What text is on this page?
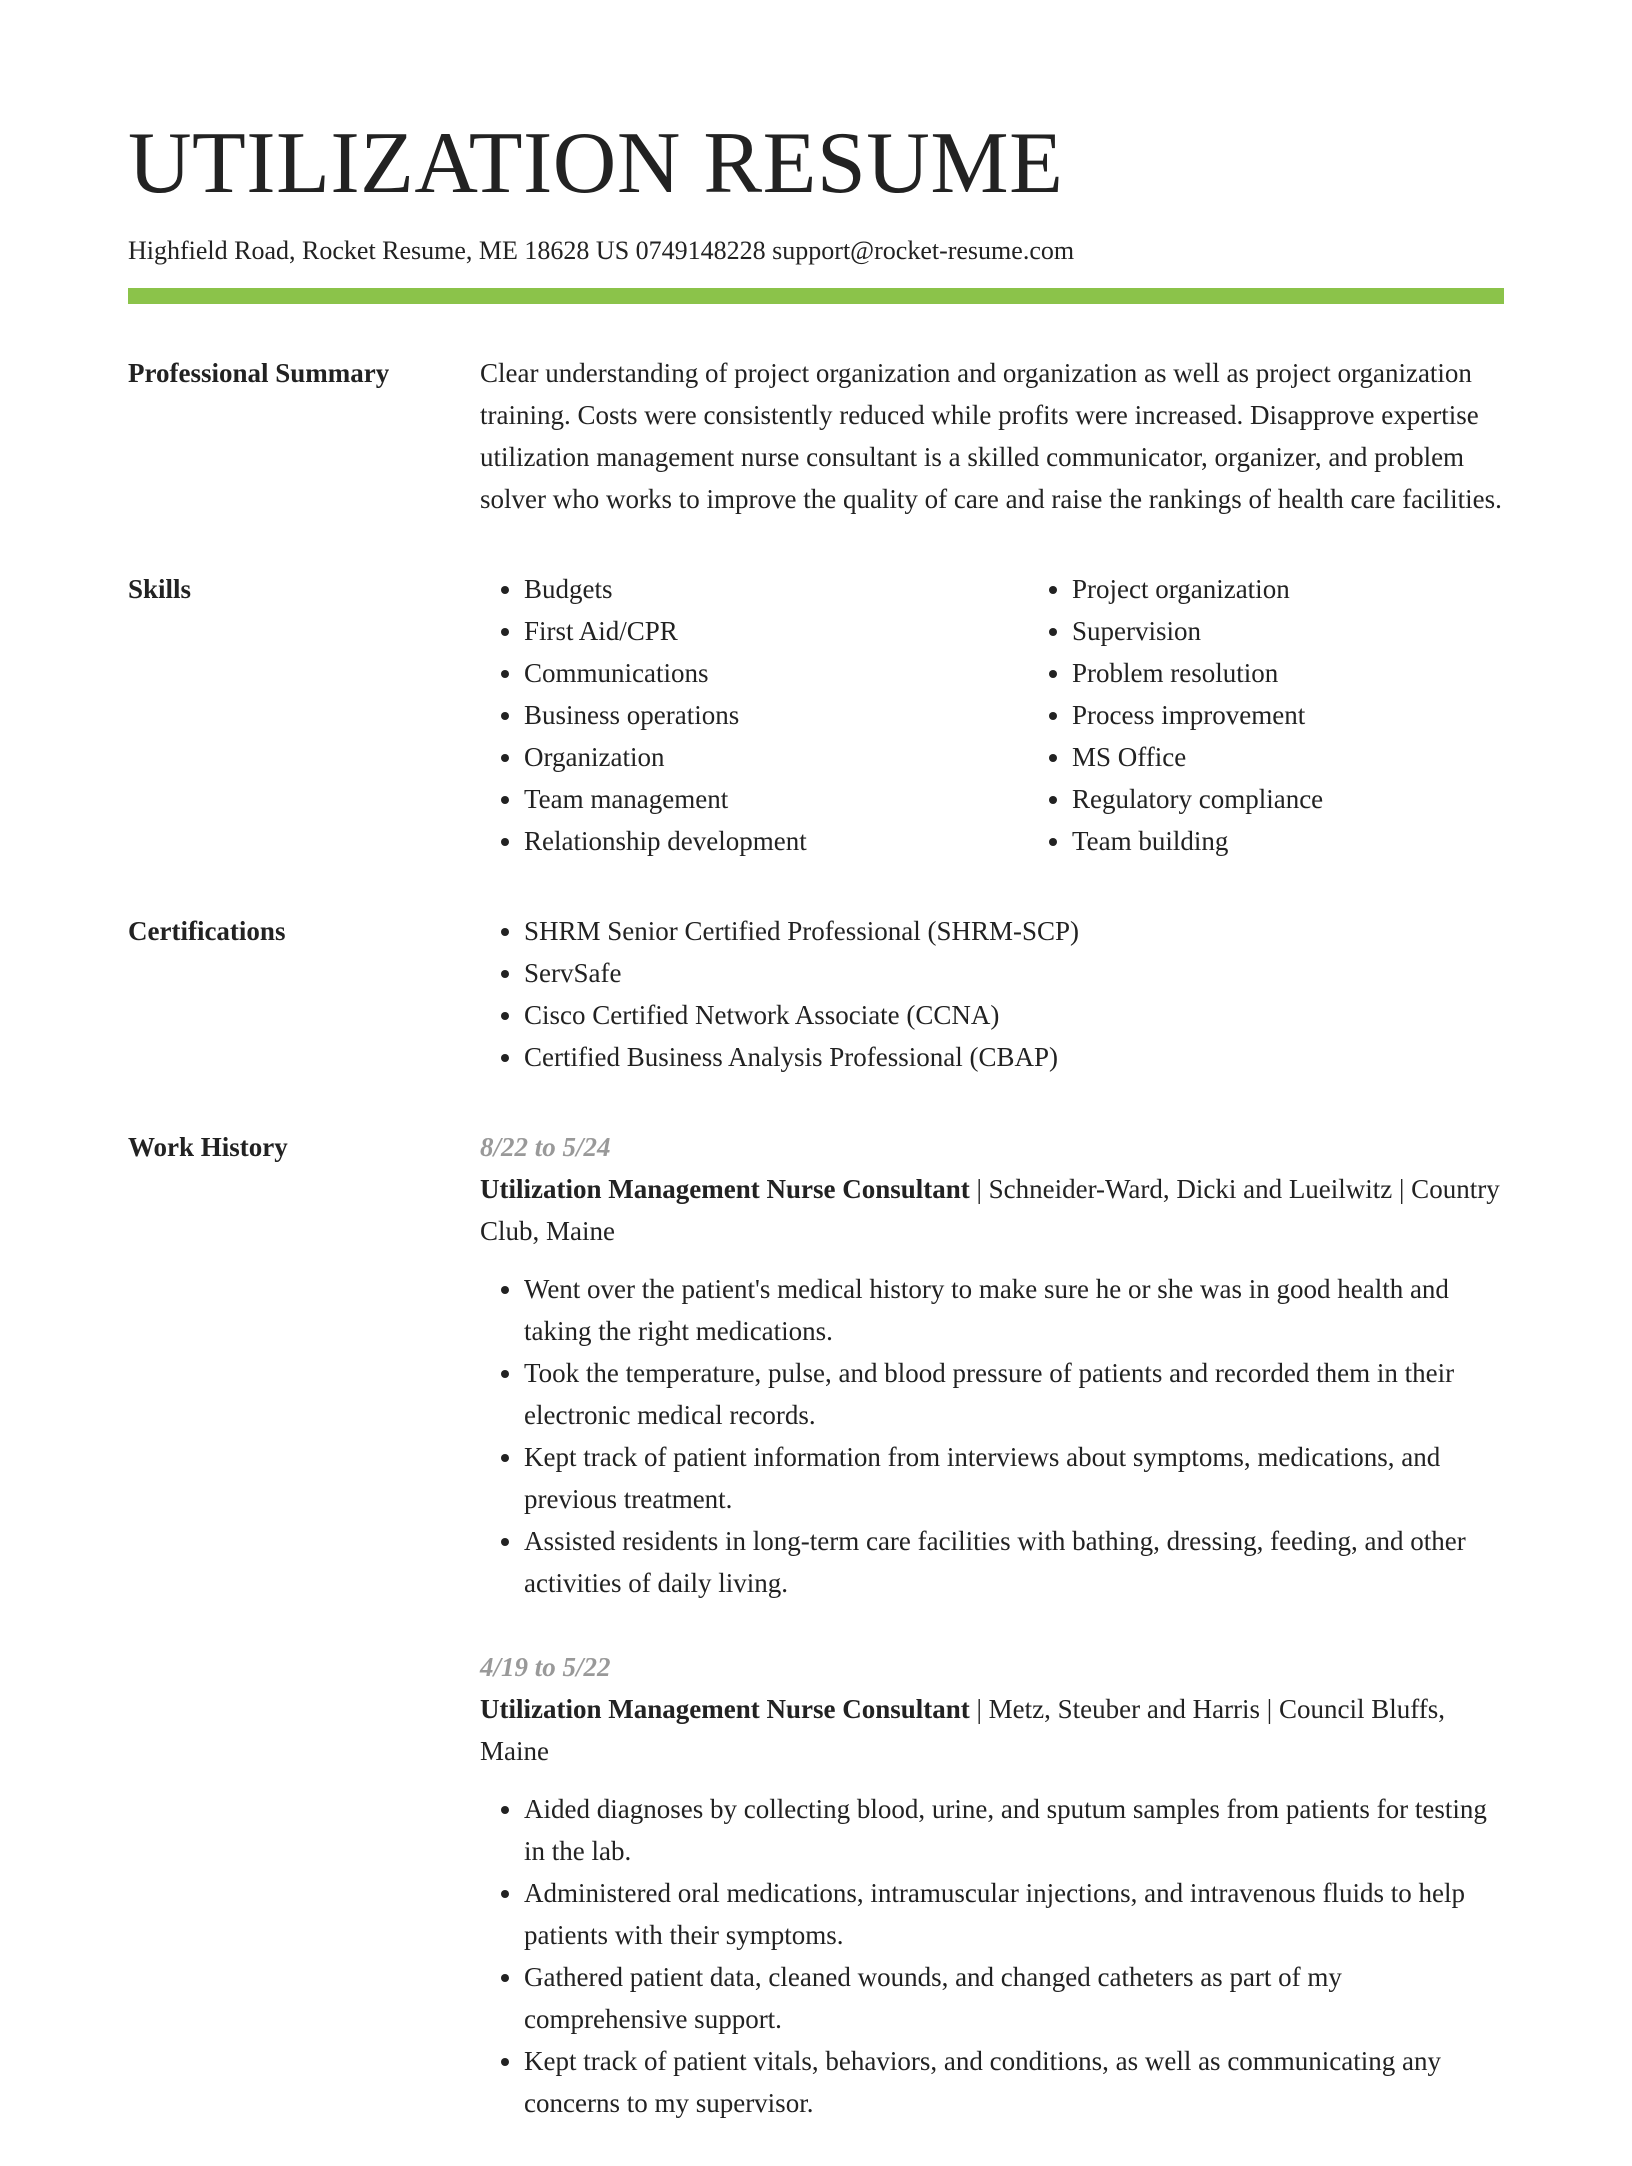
UTILIZATION RESUME
Highfield Road, Rocket Resume, ME 18628 US 0749148228 support@rocket-resume.com
Professional Summary	Clear understanding of project organization and organization as well as project organization training. Costs were consistently reduced while profits were increased. Disapprove expertise utilization management nurse consultant is a skilled communicator, organizer, and problem solver who works to improve the quality of care and raise the rankings of health care facilities.

Skills	• Budgets
• First Aid/CPR
• Communications
• Business operations
• Organization
• Team management
• Relationship development
• Project organization
• Supervision
• Problem resolution
• Process improvement
• MS Office
• Regulatory compliance
• Team building
Certifications	• SHRM Senior Certified Professional (SHRM-SCP)
• ServSafe
• Cisco Certified Network Associate (CCNA)
• Certified Business Analysis Professional (CBAP)
Work History	8/22 to 5/24
Utilization Management Nurse Consultant | Schneider-Ward, Dicki and Lueilwitz | Country Club, Maine
• Went over the patient's medical history to make sure he or she was in good health and taking the right medications.
• Took the temperature, pulse, and blood pressure of patients and recorded them in their electronic medical records.
• Kept track of patient information from interviews about symptoms, medications, and previous treatment.
• Assisted residents in long-term care facilities with bathing, dressing, feeding, and other activities of daily living.
4/19 to 5/22
Utilization Management Nurse Consultant | Metz, Steuber and Harris | Council Bluffs, Maine
• Aided diagnoses by collecting blood, urine, and sputum samples from patients for testing in the lab.
• Administered oral medications, intramuscular injections, and intravenous fluids to help patients with their symptoms.
• Gathered patient data, cleaned wounds, and changed catheters as part of my comprehensive support.
• Kept track of patient vitals, behaviors, and conditions, as well as communicating any concerns to my supervisor.
